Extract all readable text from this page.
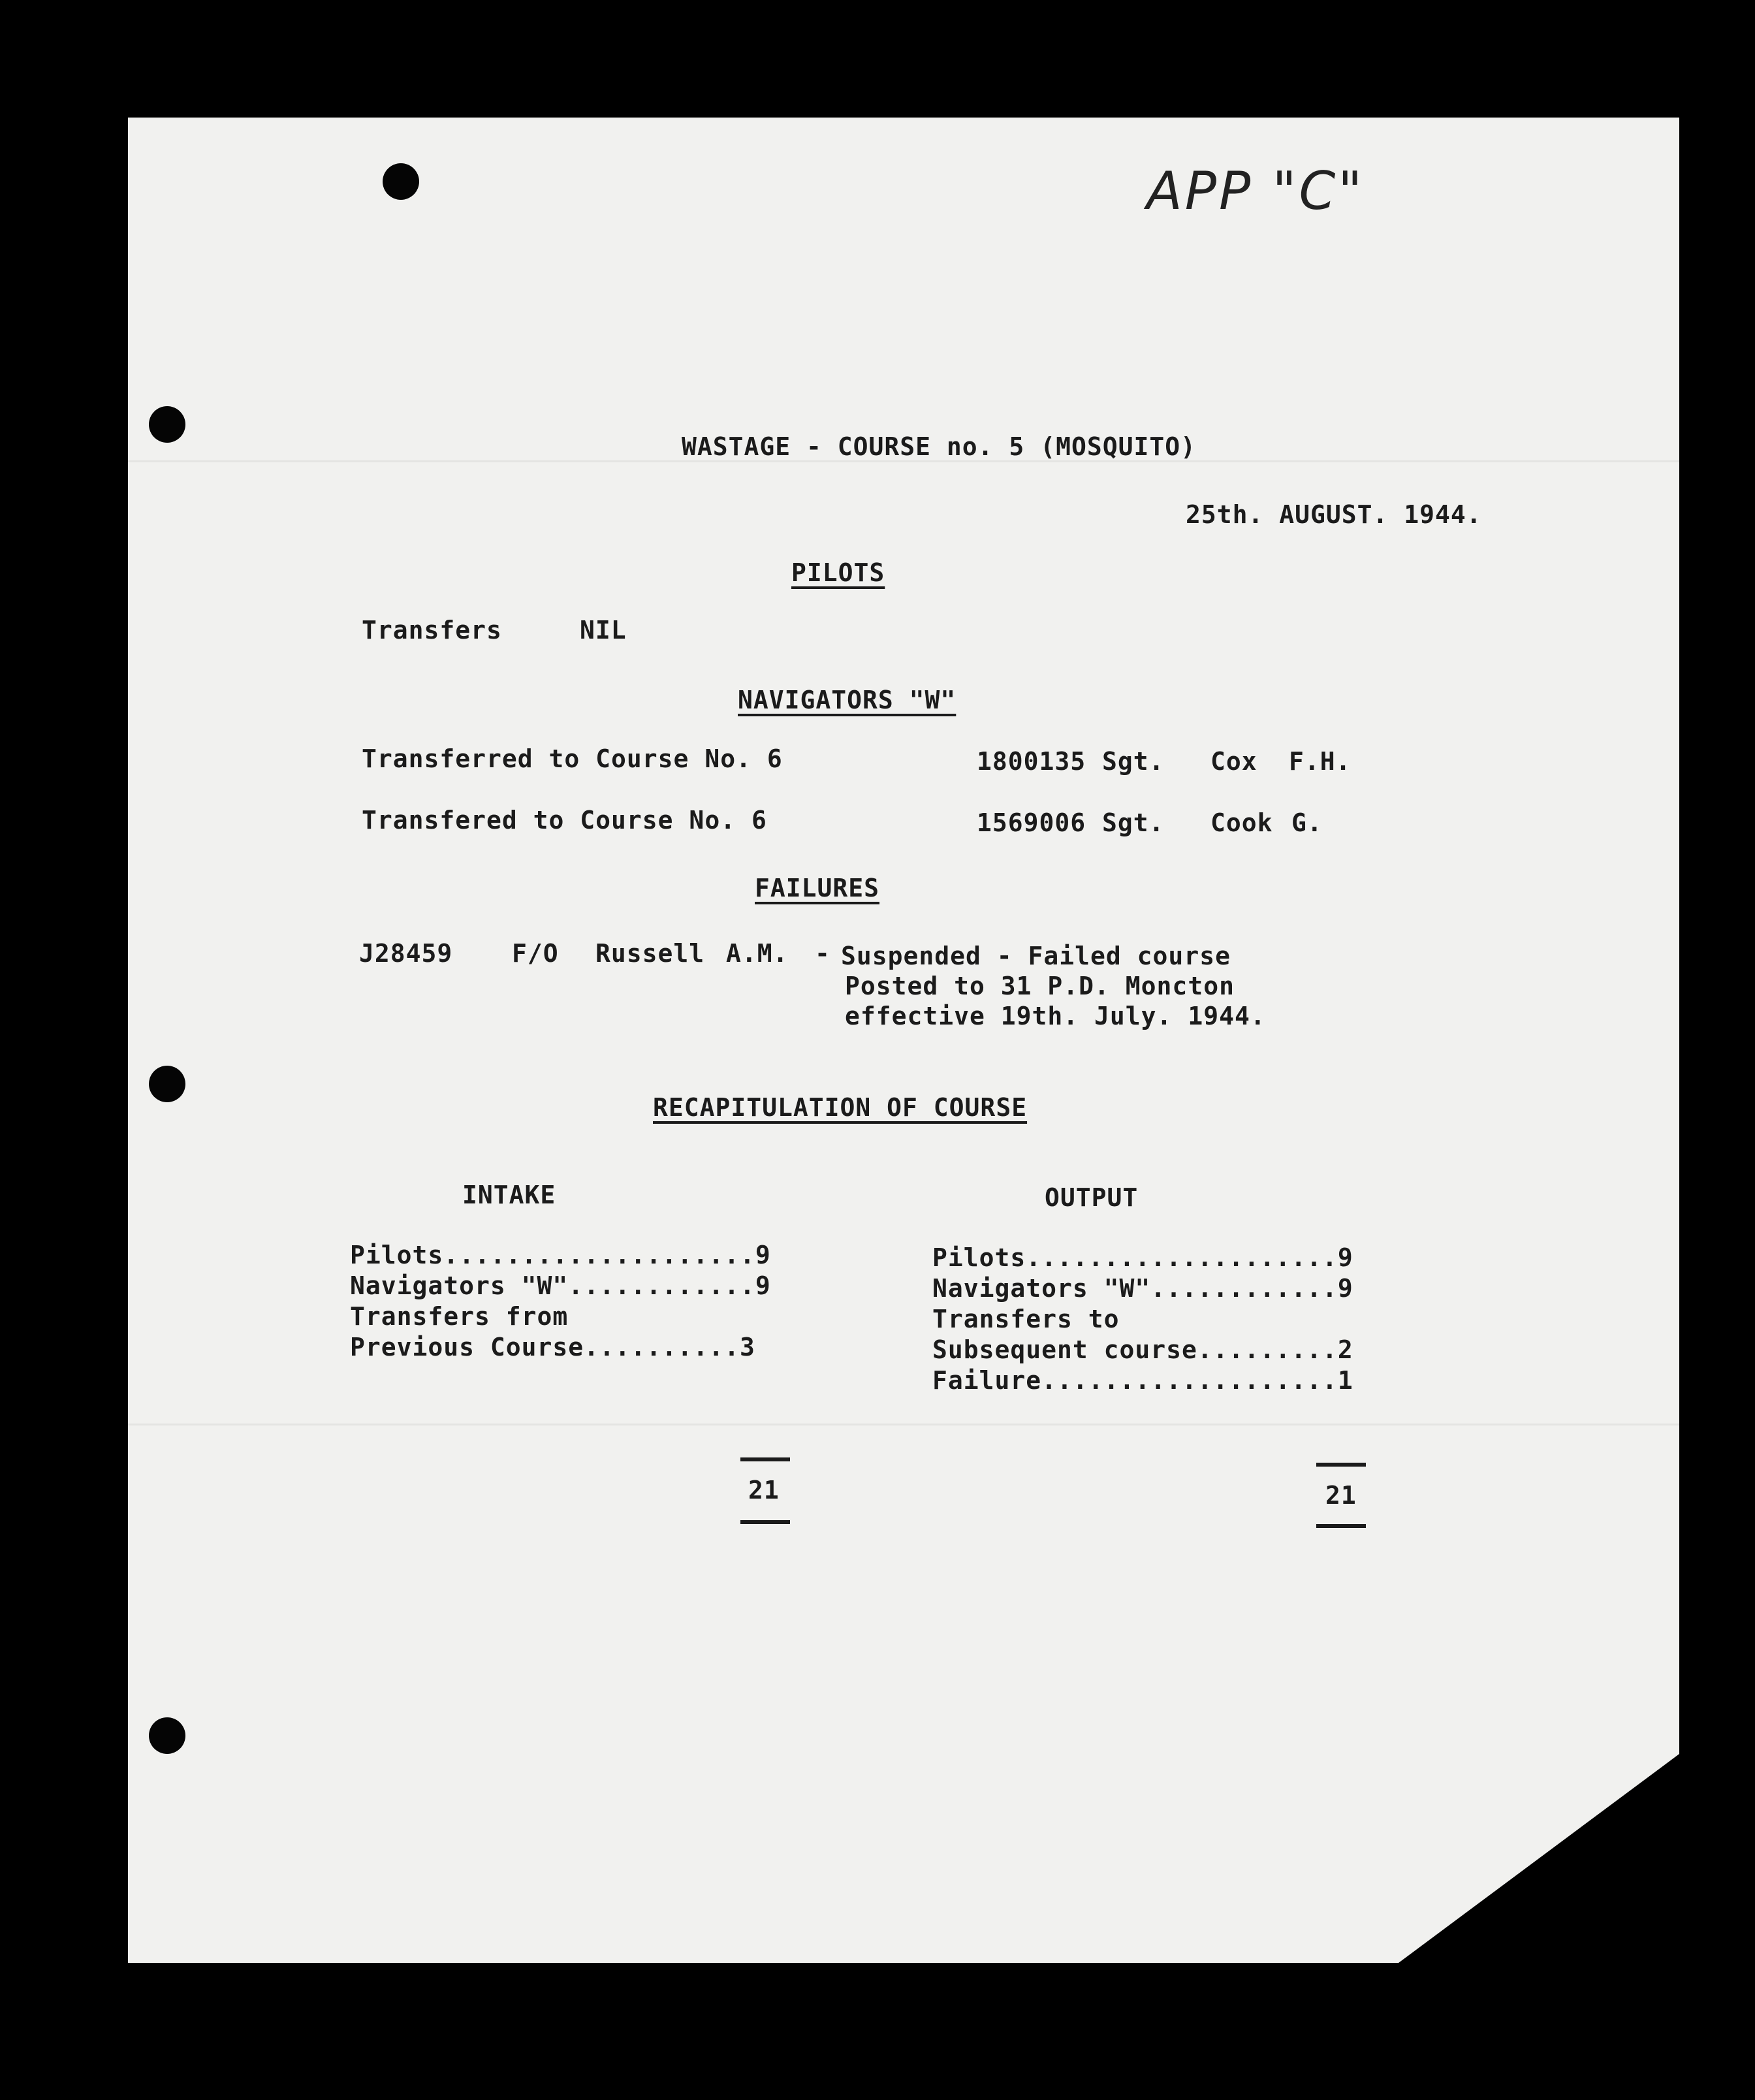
APP "C"
WASTAGE - COURSE no. 5 (MOSQUITO)
25th. AUGUST. 1944.
PILOTS
Transfers	NIL
NAVIGATORS "W"
Transferred to Course No. 6	1800135 Sgt. Cox F.H.
Transfered to Course No. 6	1569006 Sgt. Cook G.
FAILURES
J28459 F/O Russell A.M. - Suspended - Failed course
Posted to 31 P.D. Moncton
effective 19th. July. 1944.
RECAPITULATION OF COURSE
INTAKE
Pilots....................9
Navigators "W"............9
Transfers from
Previous Course..........3
21
OUTPUT
Pilots....................9
Navigators "W"............9
Transfers to
Subsequent course.........2
Failure...................1
21
